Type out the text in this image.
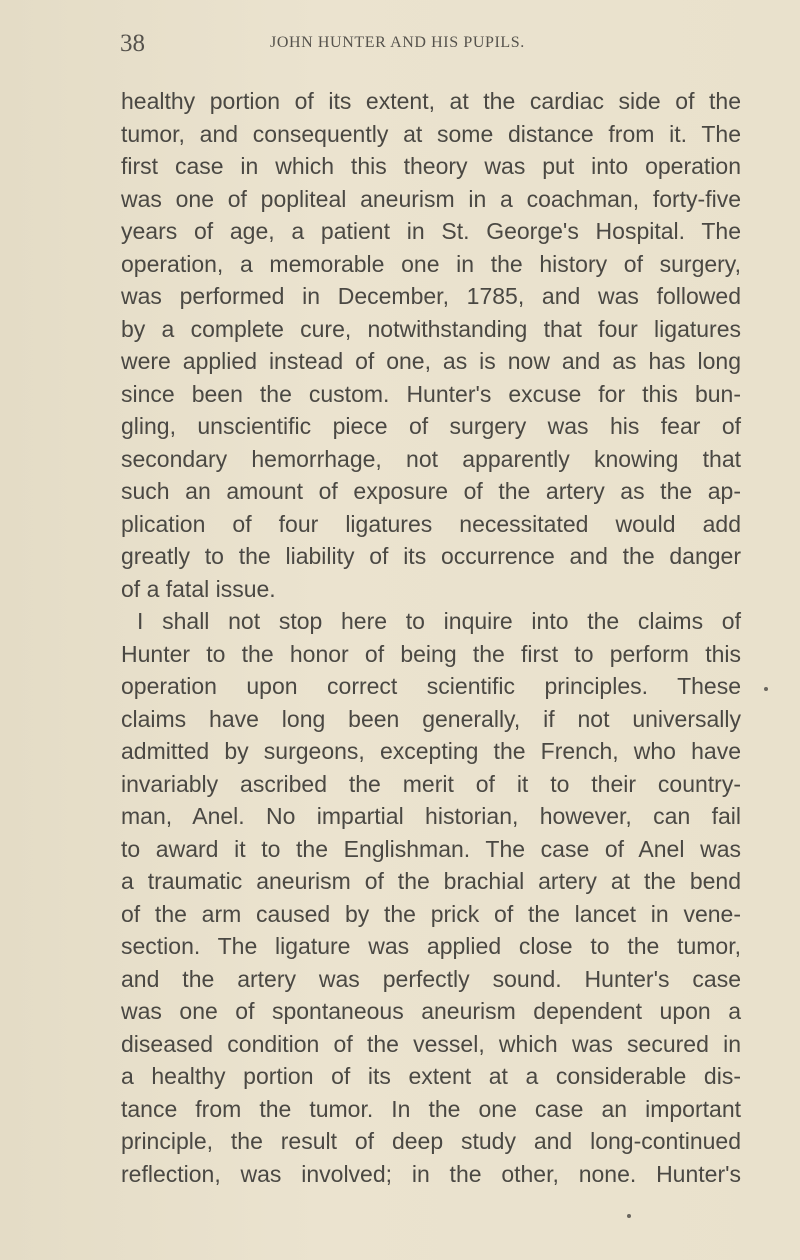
38	JOHN HUNTER AND HIS PUPILS.
healthy portion of its extent, at the cardiac side of the
tumor, and consequently at some distance from it. The
first case in which this theory was put into operation
was one of popliteal aneurism in a coachman, forty-five
years of age, a patient in St. George's Hospital. The
operation, a memorable one in the history of surgery,
was performed in December, 1785, and was followed
by a complete cure, notwithstanding that four ligatures
were applied instead of one, as is now and as has long
since been the custom. Hunter's excuse for this bun-
gling, unscientific piece of surgery was his fear of
secondary hemorrhage, not apparently knowing that
such an amount of exposure of the artery as the ap-
plication of four ligatures necessitated would add
greatly to the liability of its occurrence and the danger
of a fatal issue.
I shall not stop here to inquire into the claims of
Hunter to the honor of being the first to perform this
operation upon correct scientific principles. These
claims have long been generally, if not universally
admitted by surgeons, excepting the French, who have
invariably ascribed the merit of it to their country-
man, Anel. No impartial historian, however, can fail
to award it to the Englishman. The case of Anel was
a traumatic aneurism of the brachial artery at the bend
of the arm caused by the prick of the lancet in vene-
section. The ligature was applied close to the tumor,
and the artery was perfectly sound. Hunter's case
was one of spontaneous aneurism dependent upon a
diseased condition of the vessel, which was secured in
a healthy portion of its extent at a considerable dis-
tance from the tumor. In the one case an important
principle, the result of deep study and long-continued
reflection, was involved; in the other, none. Hunter's
